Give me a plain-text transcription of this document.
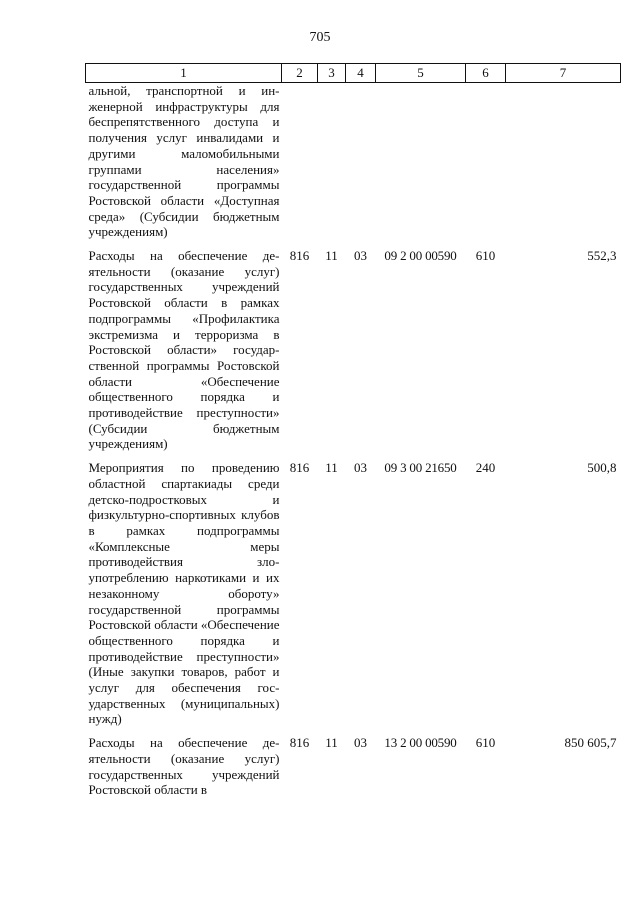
705
1	2	3	4	5	6	7
альной, транспортной и инженерной инфраструктуры для беспрепятственного доступа и получения услуг инвалидами и другими маломобильными группами населения» государственной программы Ростовской области «Доступная среда» (Субсидии бюджетным учреждениям)						
Расходы на обеспечение деятельности (оказание услуг) государственных учреждений Ростовской области в рамках подпрограммы «Профилактика экстремизма и терроризма в Ростовской области» государственной программы Ростовской области «Обеспечение общественного порядка и противодействие преступности» (Субсидии бюджетным учреждениям)	816	11	03	09 2 00 00590	610	552,3
Мероприятия по проведению областной спартакиады среди детско-подростковых и физкультурно-спортивных клубов в рамках подпрограммы «Комплексные меры противодействия злоупотреблению наркотиками и их незаконному обороту» государственной программы Ростовской области «Обеспечение общественного порядка и противодействие преступности» (Иные закупки товаров, работ и услуг для обеспечения государственных (муниципальных) нужд)	816	11	03	09 3 00 21650	240	500,8
Расходы на обеспечение деятельности (оказание услуг) государственных учреждений Ростовской области в	816	11	03	13 2 00 00590	610	850 605,7
